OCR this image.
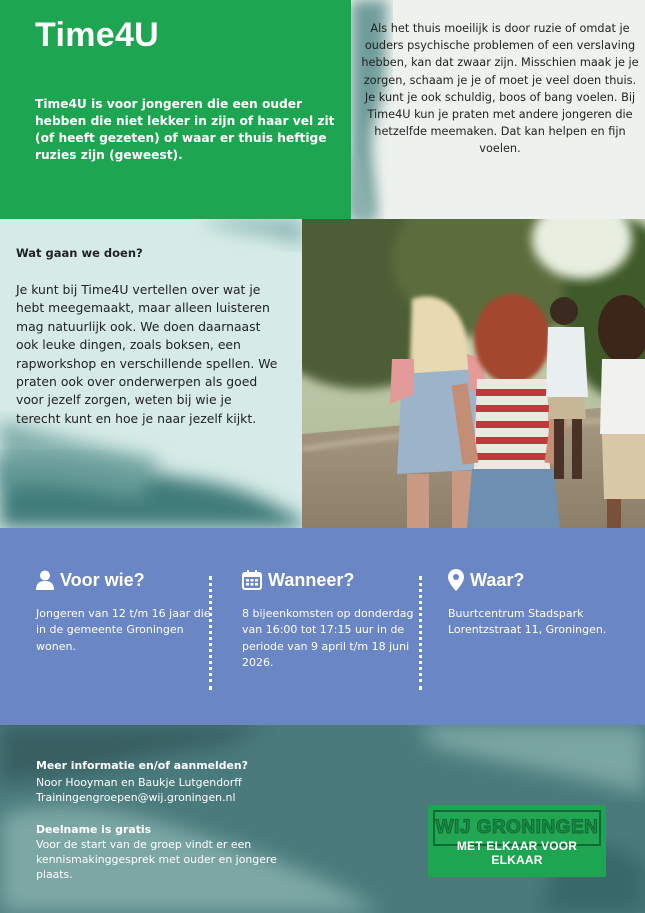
Time4U
Time4U is voor jongeren die een ouder hebben die niet lekker in zijn of haar vel zit (of heeft gezeten) of waar er thuis heftige ruzies zijn (geweest).
Als het thuis moeilijk is door ruzie of omdat je ouders psychische problemen of een verslaving hebben, kan dat zwaar zijn. Misschien maak je je zorgen, schaam je je of moet je veel doen thuis. Je kunt je ook schuldig, boos of bang voelen. Bij Time4U kun je praten met andere jongeren die hetzelfde meemaken. Dat kan helpen en fijn voelen.
Wat gaan we doen?
Je kunt bij Time4U vertellen over wat je hebt meegemaakt, maar alleen luisteren mag natuurlijk ook. We doen daarnaast ook leuke dingen, zoals boksen, een rapworkshop en verschillende spellen. We praten ook over onderwerpen als goed voor jezelf zorgen, weten bij wie je terecht kunt en hoe je naar jezelf kijkt.
Voor wie?
Jongeren van 12 t/m 16 jaar die in de gemeente Groningen wonen.
Wanneer?
8 bijeenkomsten op donderdag van 16:00 tot 17:15 uur in de periode van 9 april t/m 18 juni 2026.
Waar?
Buurtcentrum Stadspark Lorentzstraat 11, Groningen.
Meer informatie en/of aanmelden?
Noor Hooyman en Baukje Lutgendorff
Trainingengroepen@wij.groningen.nl
Deelname is gratis
Voor de start van de groep vindt er een kennismakinggesprek met ouder en jongere plaats.
WIJ GRONINGEN
MET ELKAAR VOOR ELKAAR
